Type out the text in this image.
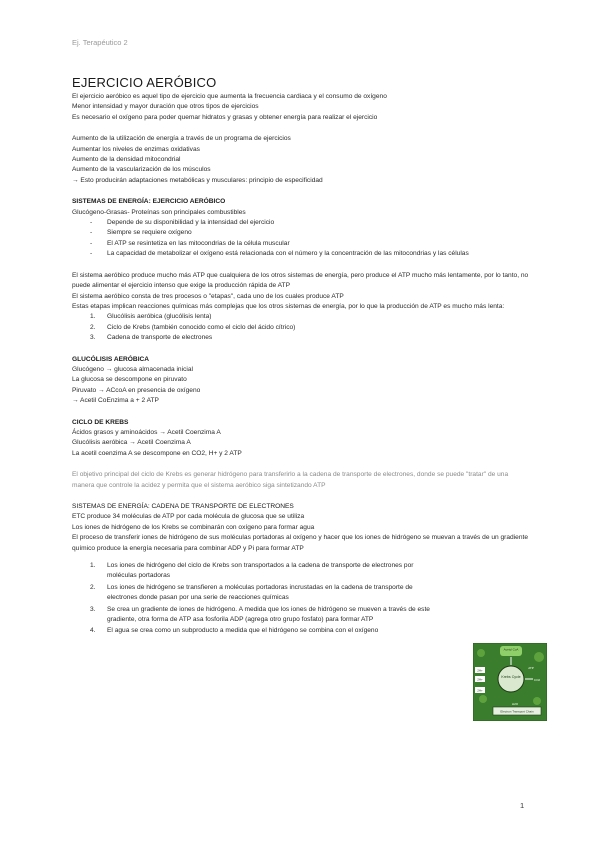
Ej. Terapéutico 2
EJERCICIO AERÓBICO

El ejercicio aeróbico es aquel tipo de ejercicio que aumenta la frecuencia cardiaca y el consumo de oxígeno

Menor intensidad y mayor duración que otros tipos de ejercicios

Es necesario el oxígeno para poder quemar hidratos y grasas y obtener energía para realizar el ejercicio

Aumento de la utilización de energía a través de un programa de ejercicios

Aumentar los niveles de enzimas oxidativas

Aumento de la densidad mitocondrial

Aumento de la vascularización de los músculos

→ Esto producirán adaptaciones metabólicas y musculares: principio de especificidad

SISTEMAS DE ENERGÍA: EJERCICIO AERÓBICO

Glucógeno-Grasas- Proteínas son principales combustibles

- Depende de su disponibilidad y la intensidad del ejercicio
- Siempre se requiere oxígeno
- El ATP se resintetiza en las mitocondrias de la célula muscular
- La capacidad de metabolizar el oxígeno está relacionada con el número y la concentración de las mitocondrias y las células

El sistema aeróbico produce mucho más ATP que cualquiera de los otros sistemas de energía, pero produce el ATP mucho más lentamente, por lo tanto, no puede alimentar el ejercicio intenso que exige la producción rápida de ATP

El sistema aeróbico consta de tres procesos o "etapas", cada uno de los cuales produce ATP

Estas etapas implican reacciones químicas más complejas que los otros sistemas de energía, por lo que la producción de ATP es mucho más lenta:

1. Glucólisis aeróbica (glucólisis lenta)
2. Ciclo de Krebs (también conocido como el ciclo del ácido cítrico)
3. Cadena de transporte de electrones

GLUCÓLISIS AERÓBICA

Glucógeno → glucosa almacenada inicial

La glucosa se descompone en piruvato

Piruvato → ACcoA en presencia de oxígeno

→ Acetil CoEnzima a + 2 ATP

CICLO DE KREBS

Ácidos grasos y aminoácidos → Acetil Coenzima A

Glucólisis aeróbica → Acetil Coenzima A

La acetil coenzima A se descompone en CO2, H+ y 2 ATP

El objetivo principal del ciclo de Krebs es generar hidrógeno para transferirlo a la cadena de transporte de electrones, donde se puede "tratar" de una manera que controle la acidez y permita que el sistema aeróbico siga sintetizando ATP

SISTEMAS DE ENERGÍA: CADENA DE TRANSPORTE DE ELECTRONES

ETC produce 34 moléculas de ATP por cada molécula de glucosa que se utiliza

Los iones de hidrógeno de los Krebs se combinarán con oxígeno para formar agua

El proceso de transferir iones de hidrógeno de sus moléculas portadoras al oxígeno y hacer que los iones de hidrógeno se muevan a través de un gradiente químico produce la energía necesaria para combinar ADP y Pi para formar ATP

1. Los iones de hidrógeno del ciclo de Krebs son transportados a la cadena de transporte de electrones por moléculas portadoras
2. Los iones de hidrógeno se transfieren a moléculas portadoras incrustadas en la cadena de transporte de electrones donde pasan por una serie de reacciones químicas
3. Se crea un gradiente de iones de hidrógeno. A medida que los iones de hidrógeno se mueven a través de este gradiente, otra forma de ATP asa fosforila ADP (agrega otro grupo fosfato) para formar ATP
4. El agua se crea como un subproducto a medida que el hidrógeno se combina con el oxígeno
Acetyl CoA
Krebs Cycle
2H+
2H+
2H+
CO2
ATP
H2O
Electron Transport Chain
1
